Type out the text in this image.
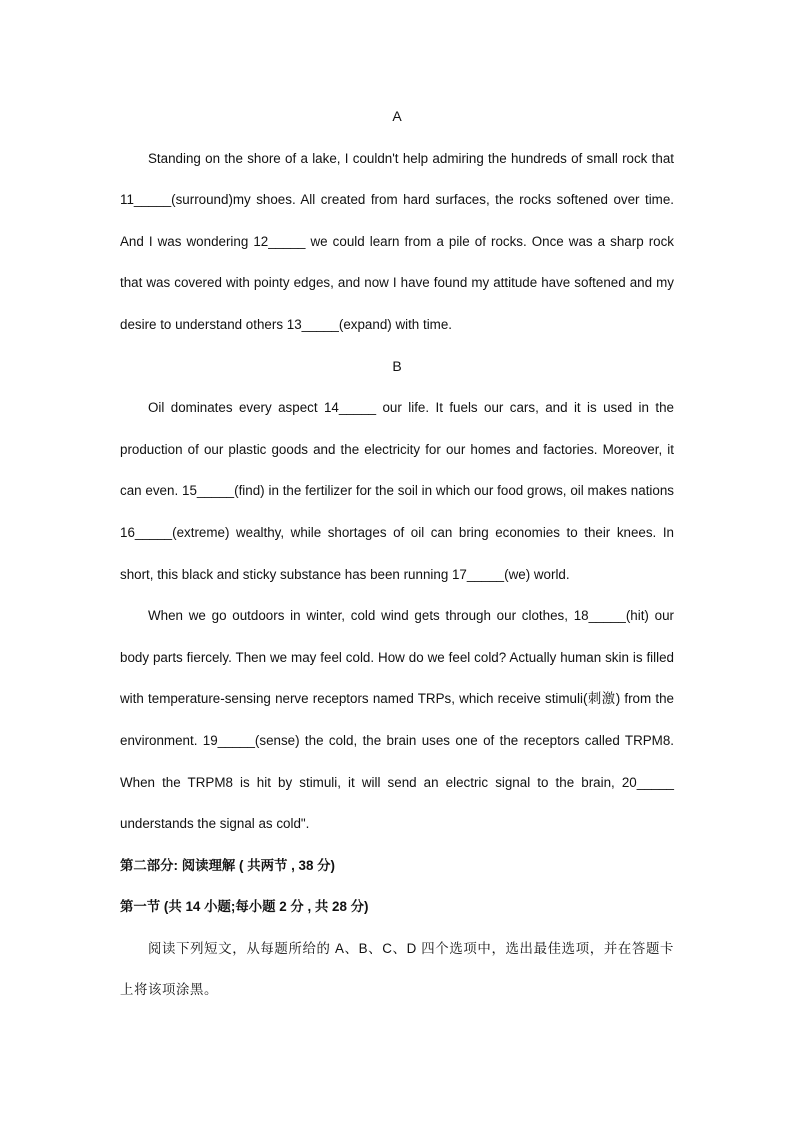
A

Standing on the shore of a lake, I couldn't help admiring the hundreds of small rock that 11_____(surround)my shoes. All created from hard surfaces, the rocks softened over time. And I was wondering 12_____ we could learn from a pile of rocks. Once was a sharp rock that was covered with pointy edges, and now I have found my attitude have softened and my desire to understand others 13_____(expand) with time.

B

Oil dominates every aspect 14_____ our life. It fuels our cars, and it is used in the production of our plastic goods and the electricity for our homes and factories. Moreover, it can even. 15_____(find) in the fertilizer for the soil in which our food grows, oil makes nations 16_____(extreme) wealthy, while shortages of oil can bring economies to their knees. In short, this black and sticky substance has been running 17_____(we) world.

When we go outdoors in winter, cold wind gets through our clothes, 18_____(hit) our body parts fiercely. Then we may feel cold. How do we feel cold? Actually human skin is filled with temperature-sensing nerve receptors named TRPs, which receive stimuli(刺激) from the environment. 19_____(sense) the cold, the brain uses one of the receptors called TRPM8. When the TRPM8 is hit by stimuli, it will send an electric signal to the brain, 20_____ understands the signal as cold".

第二部分: 阅读理解 ( 共两节 , 38 分)

第一节 (共 14 小题;每小题 2 分 , 共 28 分)

阅读下列短文，从每题所给的 A、B、C、D 四个选项中，选出最佳选项，并在答题卡上将该项涂黑。
